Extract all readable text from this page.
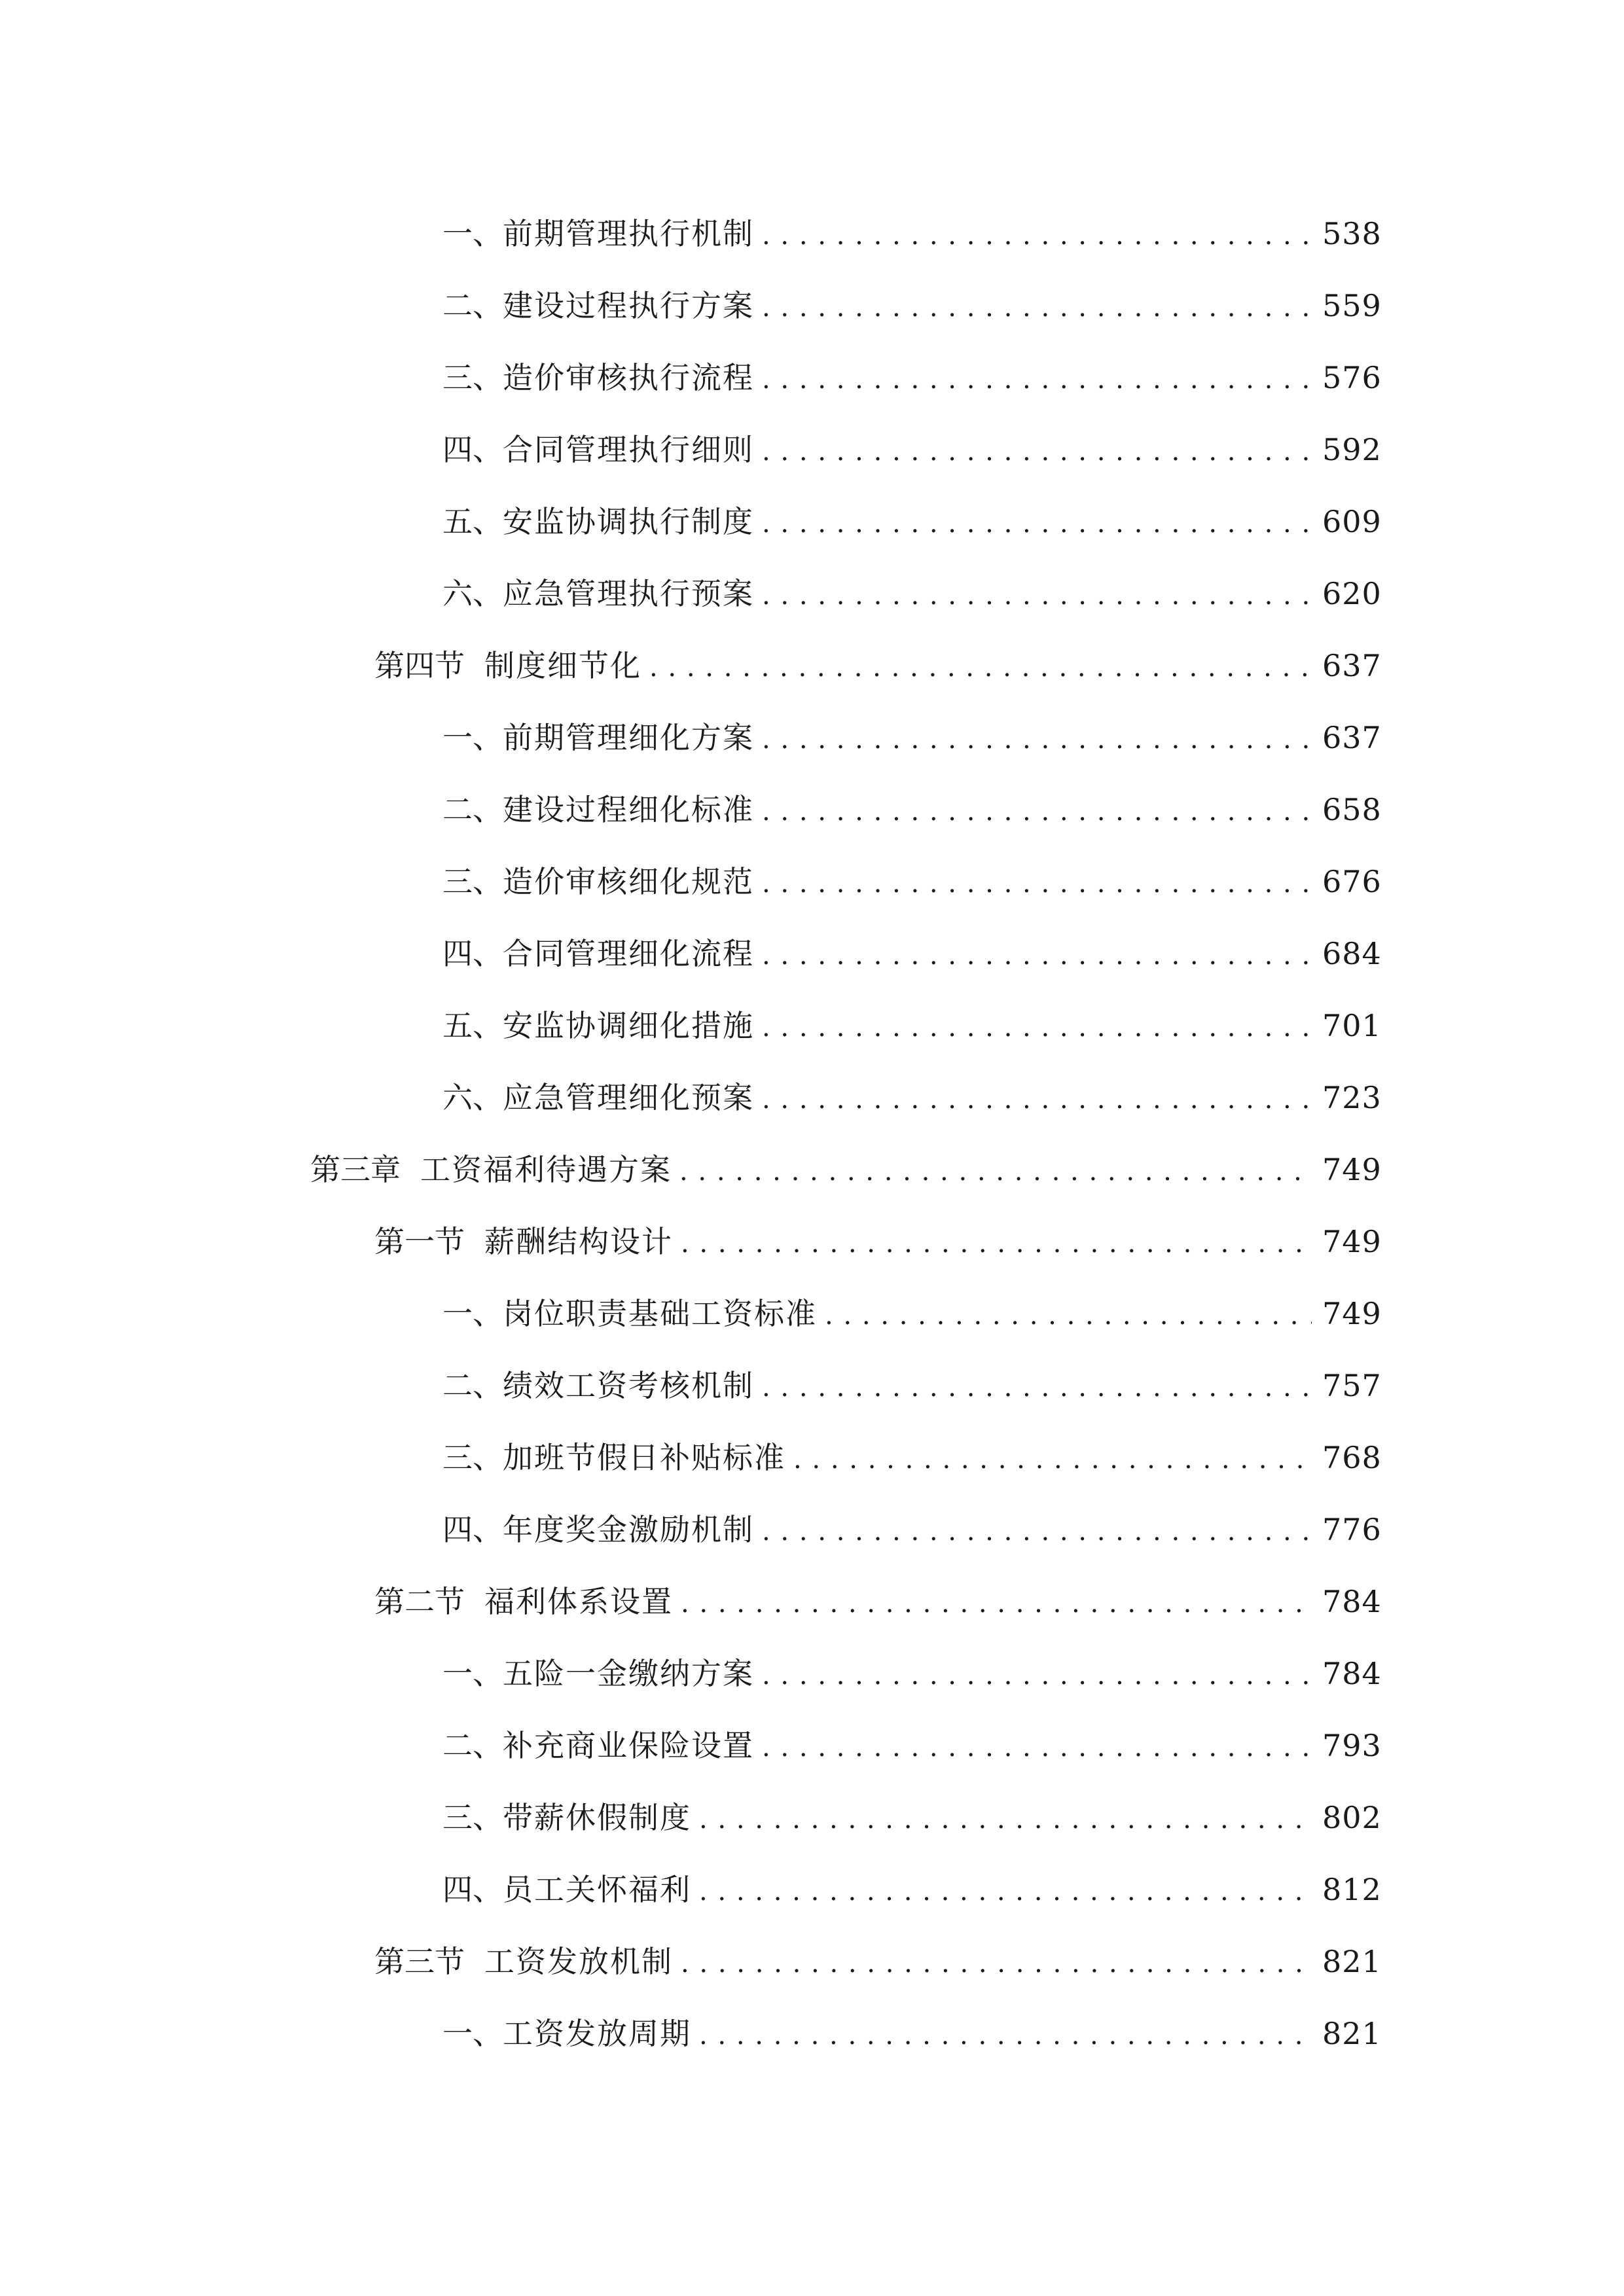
一、 前期管理执行机制 . . .	538
二、 建设过程执行方案 . . .	559
三、 造价审核执行流程 . . .	576
四、 合同管理执行细则 . . .	592
五、 安监协调执行制度 . . .	609
六、 应急管理执行预案 . . .	620
第四节 制度细节化 . . .	637
一、 前期管理细化方案 . . .	637
二、 建设过程细化标准 . . .	658
三、 造价审核细化规范 . . .	676
四、 合同管理细化流程 . . .	684
五、 安监协调细化措施 . . .	701
六、 应急管理细化预案 . . .	723
第三章 工资福利待遇方案 . . .	749
第一节 薪酬结构设计 . . .	749
一、 岗位职责基础工资标准 . . .	749
二、 绩效工资考核机制 . . .	757
三、 加班节假日补贴标准 . . .	768
四、 年度奖金激励机制 . . .	776
第二节 福利体系设置 . . .	784
一、 五险一金缴纳方案 . . .	784
二、 补充商业保险设置 . . .	793
三、 带薪休假制度 . . .	802
四、 员工关怀福利 . . .	812
第三节 工资发放机制 . . .	821
一、 工资发放周期 . . .	821
